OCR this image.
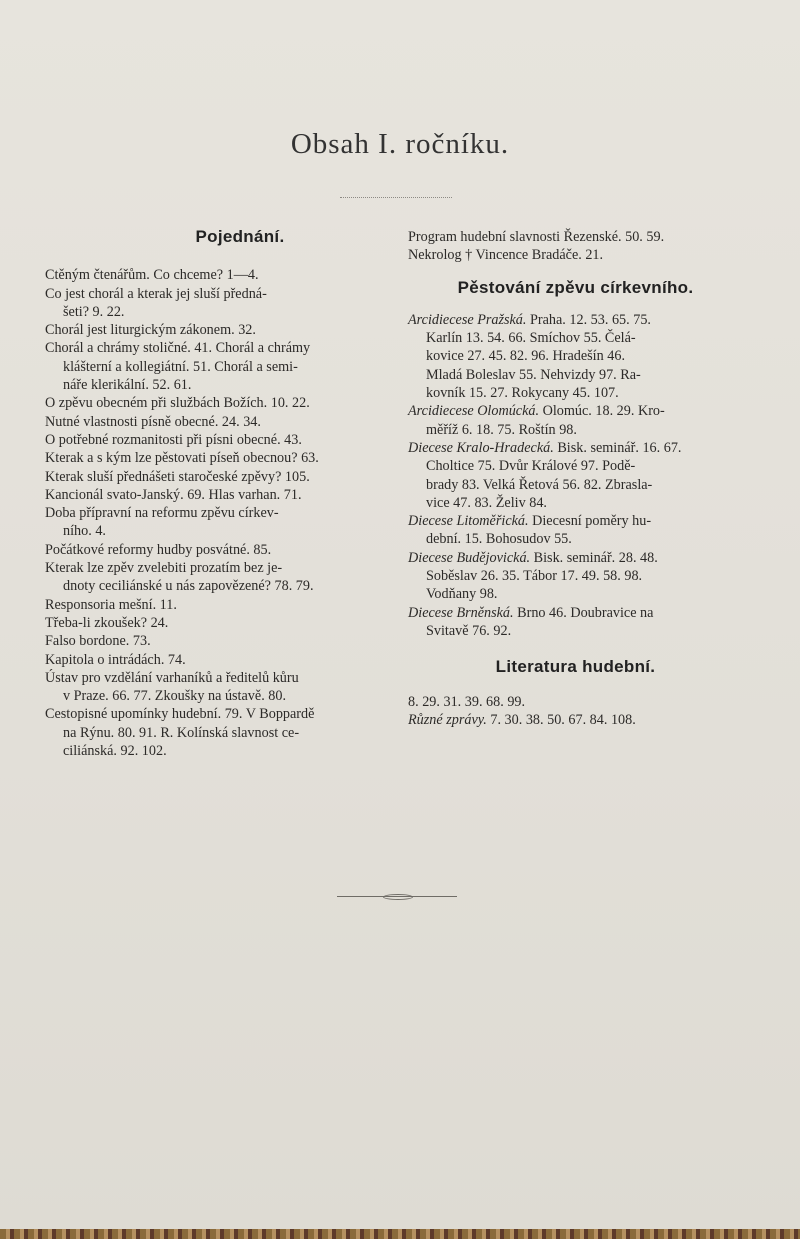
Obsah I. ročníku.
Pojednání.
Ctěným čtenářům. Co chceme? 1—4.
Co jest chorál a kterak jej sluší předná-
šeti? 9. 22.
Chorál jest liturgickým zákonem. 32.
Chorál a chrámy stoličné. 41. Chorál a chrámy
klášterní a kollegiátní. 51. Chorál a semi-
náře klerikální. 52. 61.
O zpěvu obecném při službách Božích. 10. 22.
Nutné vlastnosti písně obecné. 24. 34.
O potřebné rozmanitosti při písni obecné. 43.
Kterak a s kým lze pěstovati píseň obecnou? 63.
Kterak sluší přednášeti staročeské zpěvy? 105.
Kancionál svato-Janský. 69. Hlas varhan. 71.
Doba přípravní na reformu zpěvu církev-
ního. 4.
Počátkové reformy hudby posvátné. 85.
Kterak lze zpěv zvelebiti prozatím bez je-
dnoty ceciliánské u nás zapovězené? 78. 79.
Responsoria mešní. 11.
Třeba-li zkoušek? 24.
Falso bordone. 73.
Kapitola o intrádách. 74.
Ústav pro vzdělání varhaníků a ředitelů kůru
v Praze. 66. 77. Zkoušky na ústavě. 80.
Cestopisné upomínky hudební. 79. V Boppardě
na Rýnu. 80. 91. R. Kolínská slavnost ce-
ciliánská. 92. 102.
Program hudební slavnosti Řezenské. 50. 59.
Nekrolog † Vincence Bradáče. 21.
Pěstování zpěvu církevního.
Arcidiecese Pražská. Praha. 12. 53. 65. 75.
Karlín 13. 54. 66. Smíchov 55. Čelá-
kovice 27. 45. 82. 96. Hradešín 46.
Mladá Boleslav 55. Nehvizdy 97. Ra-
kovník 15. 27. Rokycany 45. 107.
Arcidiecese Olomúcká. Olomúc. 18. 29. Kro-
měříž 6. 18. 75. Roštín 98.
Diecese Kralo-Hradecká. Bisk. seminář. 16. 67.
Choltice 75. Dvůr Králové 97. Podě-
brady 83. Velká Řetová 56. 82. Zbrasla-
vice 47. 83. Želiv 84.
Diecese Litoměřická. Diecesní poměry hu-
dební. 15. Bohosudov 55.
Diecese Budějovická. Bisk. seminář. 28. 48.
Soběslav 26. 35. Tábor 17. 49. 58. 98.
Vodňany 98.
Diecese Brněnská. Brno 46. Doubravice na
Svitavě 76. 92.
Literatura hudební.
8. 29. 31. 39. 68. 99.
Různé zprávy. 7. 30. 38. 50. 67. 84. 108.
